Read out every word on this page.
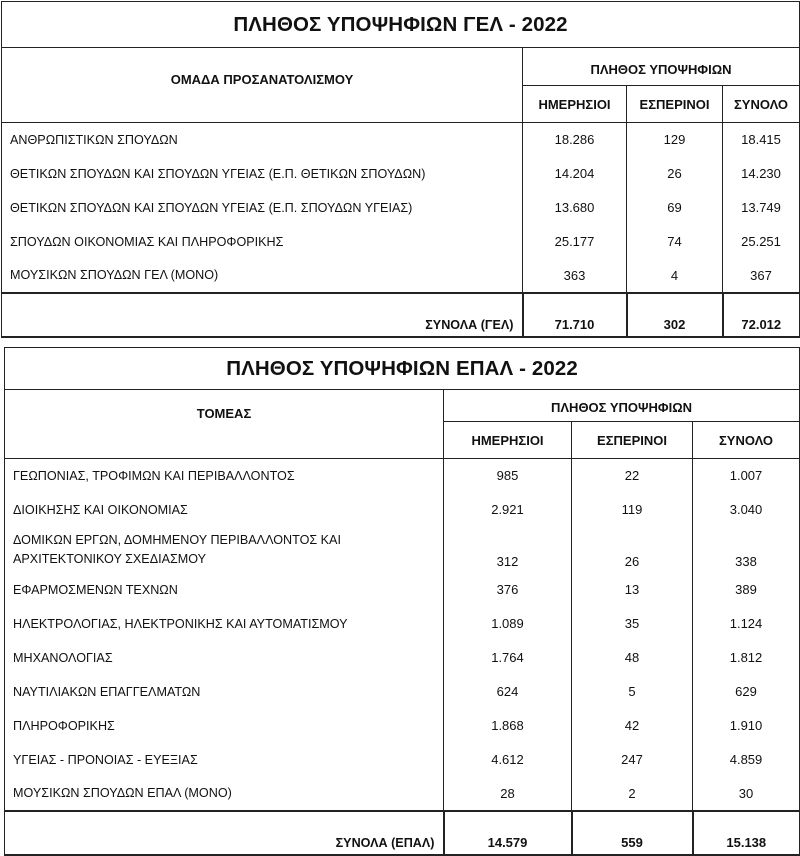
ΠΛΗΘΟΣ ΥΠΟΨΗΦΙΩΝ ΓΕΛ - 2022			
ΟΜΑΔΑ ΠΡΟΣΑΝΑΤΟΛΙΣΜΟΥ	ΠΛΗΘΟΣ ΥΠΟΨΗΦΙΩΝ		
	ΗΜΕΡΗΣΙΟΙ	ΕΣΠΕΡΙΝΟΙ	ΣΥΝΟΛΟ
ΑΝΘΡΩΠΙΣΤΙΚΩΝ ΣΠΟΥΔΩΝ	18.286	129	18.415
ΘΕΤΙΚΩΝ ΣΠΟΥΔΩΝ ΚΑΙ ΣΠΟΥΔΩΝ ΥΓΕΙΑΣ (Ε.Π. ΘΕΤΙΚΩΝ ΣΠΟΥΔΩΝ)	14.204	26	14.230
ΘΕΤΙΚΩΝ ΣΠΟΥΔΩΝ ΚΑΙ ΣΠΟΥΔΩΝ ΥΓΕΙΑΣ (Ε.Π. ΣΠΟΥΔΩΝ ΥΓΕΙΑΣ)	13.680	69	13.749
ΣΠΟΥΔΩΝ ΟΙΚΟΝΟΜΙΑΣ ΚΑΙ ΠΛΗΡΟΦΟΡΙΚΗΣ	25.177	74	25.251
ΜΟΥΣΙΚΩΝ ΣΠΟΥΔΩΝ ΓΕΛ (ΜΟΝΟ)	363	4	367
ΣΥΝΟΛΑ (ΓΕΛ)	71.710	302	72.012
ΠΛΗΘΟΣ ΥΠΟΨΗΦΙΩΝ ΕΠΑΛ - 2022			
ΤΟΜΕΑΣ	ΠΛΗΘΟΣ ΥΠΟΨΗΦΙΩΝ		
	ΗΜΕΡΗΣΙΟΙ	ΕΣΠΕΡΙΝΟΙ	ΣΥΝΟΛΟ
ΓΕΩΠΟΝΙΑΣ, ΤΡΟΦΙΜΩΝ ΚΑΙ ΠΕΡΙΒΑΛΛΟΝΤΟΣ	985	22	1.007
ΔΙΟΙΚΗΣΗΣ ΚΑΙ ΟΙΚΟΝΟΜΙΑΣ	2.921	119	3.040
ΔΟΜΙΚΩΝ ΕΡΓΩΝ, ΔΟΜΗΜΕΝΟΥ ΠΕΡΙΒΑΛΛΟΝΤΟΣ ΚΑΙ ΑΡΧΙΤΕΚΤΟΝΙΚΟΥ ΣΧΕΔΙΑΣΜΟΥ	312	26	338
ΕΦΑΡΜΟΣΜΕΝΩΝ ΤΕΧΝΩΝ	376	13	389
ΗΛΕΚΤΡΟΛΟΓΙΑΣ, ΗΛΕΚΤΡΟΝΙΚΗΣ ΚΑΙ ΑΥΤΟΜΑΤΙΣΜΟΥ	1.089	35	1.124
ΜΗΧΑΝΟΛΟΓΙΑΣ	1.764	48	1.812
ΝΑΥΤΙΛΙΑΚΩΝ ΕΠΑΓΓΕΛΜΑΤΩΝ	624	5	629
ΠΛΗΡΟΦΟΡΙΚΗΣ	1.868	42	1.910
ΥΓΕΙΑΣ - ΠΡΟΝΟΙΑΣ - ΕΥΕΞΙΑΣ	4.612	247	4.859
ΜΟΥΣΙΚΩΝ ΣΠΟΥΔΩΝ ΕΠΑΛ (ΜΟΝΟ)	28	2	30
ΣΥΝΟΛΑ (ΕΠΑΛ)	14.579	559	15.138
